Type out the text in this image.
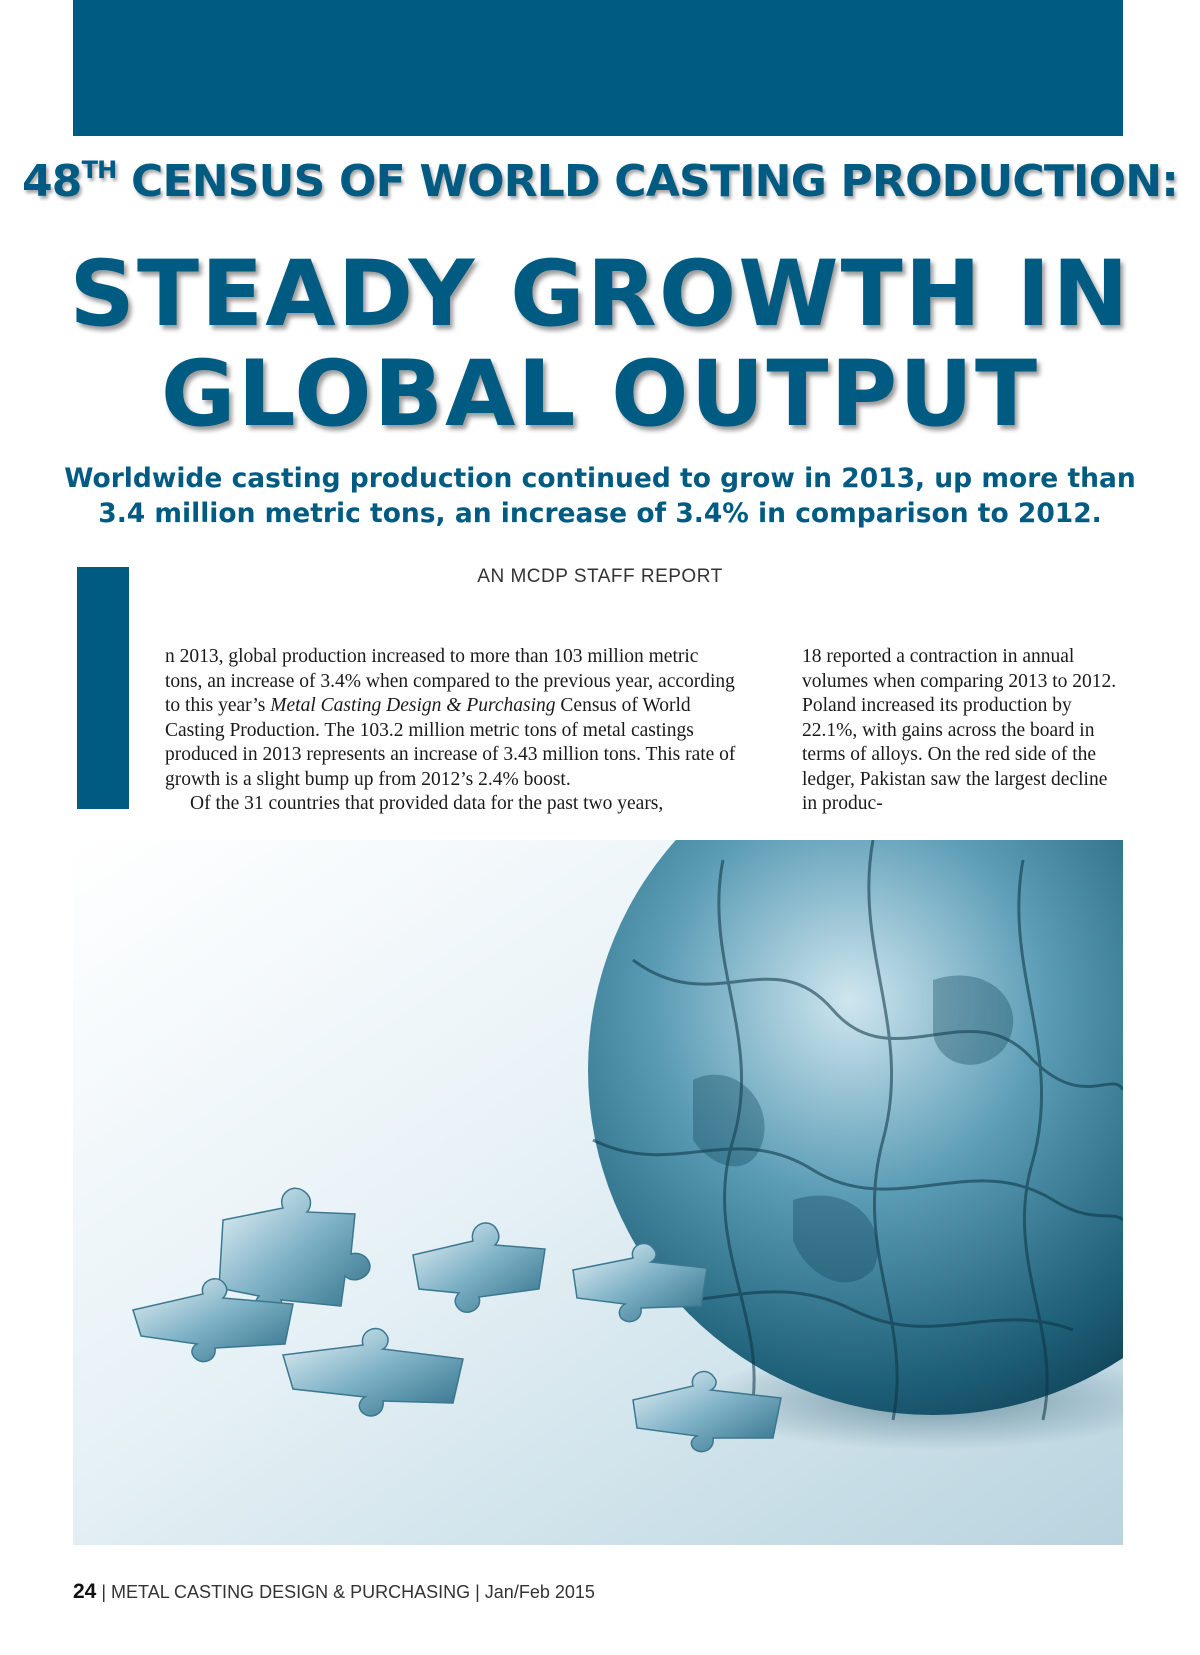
48TH CENSUS OF WORLD CASTING PRODUCTION:
STEADY GROWTH IN
GLOBAL OUTPUT
Worldwide casting production continued to grow in 2013, up more than
3.4 million metric tons, an increase of 3.4% in comparison to 2012.
AN MCDP STAFF REPORT

n 2013, global production increased to more than 103 million metric tons, an increase of 3.4% when compared to the previous year, according to this year’s Metal Casting Design & Purchasing Census of World Casting Production. The 103.2 million metric tons of metal castings produced in 2013 represents an increase of 3.43 million tons. This rate of growth is a slight bump up from 2012’s 2.4% boost.

Of the 31 countries that provided data for the past two years,

18 reported a contraction in annual volumes when comparing 2013 to 2012. Poland increased its production by 22.1%, with gains across the board in terms of alloys. On the red side of the ledger, Pakistan saw the largest decline in produc-

24 | METAL CASTING DESIGN & PURCHASING | Jan/Feb 2015
